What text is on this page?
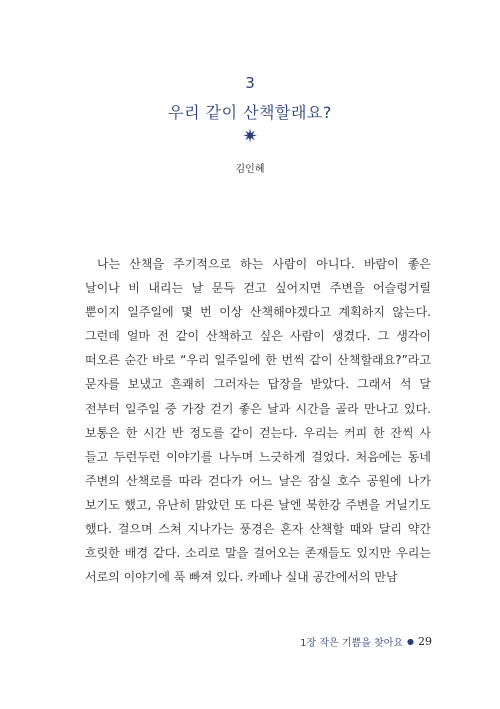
3
우리 같이 산책할래요?
✷
김인혜

나는 산책을 주기적으로 하는 사람이 아니다. 바람이 좋은 날이나 비 내리는 날 문득 걷고 싶어지면 주변을 어슬렁거릴 뿐이지 일주일에 몇 번 이상 산책해야겠다고 계획하지 않는다. 그런데 얼마 전 같이 산책하고 싶은 사람이 생겼다. 그 생각이 떠오른 순간 바로 “우리 일주일에 한 번씩 같이 산책할래요?”라고 문자를 보냈고 흔쾌히 그러자는 답장을 받았다. 그래서 석 달 전부터 일주일 중 가장 걷기 좋은 날과 시간을 골라 만나고 있다. 보통은 한 시간 반 정도를 같이 걷는다. 우리는 커피 한 잔씩 사 들고 두런두런 이야기를 나누며 느긋하게 걸었다. 처음에는 동네 주변의 산책로를 따라 걷다가 어느 날은 잠실 호수 공원에 나가 보기도 했고, 유난히 맑았던 또 다른 날엔 북한강 주변을 거닐기도 했다. 걸으며 스쳐 지나가는 풍경은 혼자 산책할 때와 달리 약간 흐릿한 배경 같다. 소리로 말을 걸어오는 존재들도 있지만 우리는 서로의 이야기에 푹 빠져 있다. 카페나 실내 공간에서의 만남

1장 작은 기쁨을 찾아요 ● 29
